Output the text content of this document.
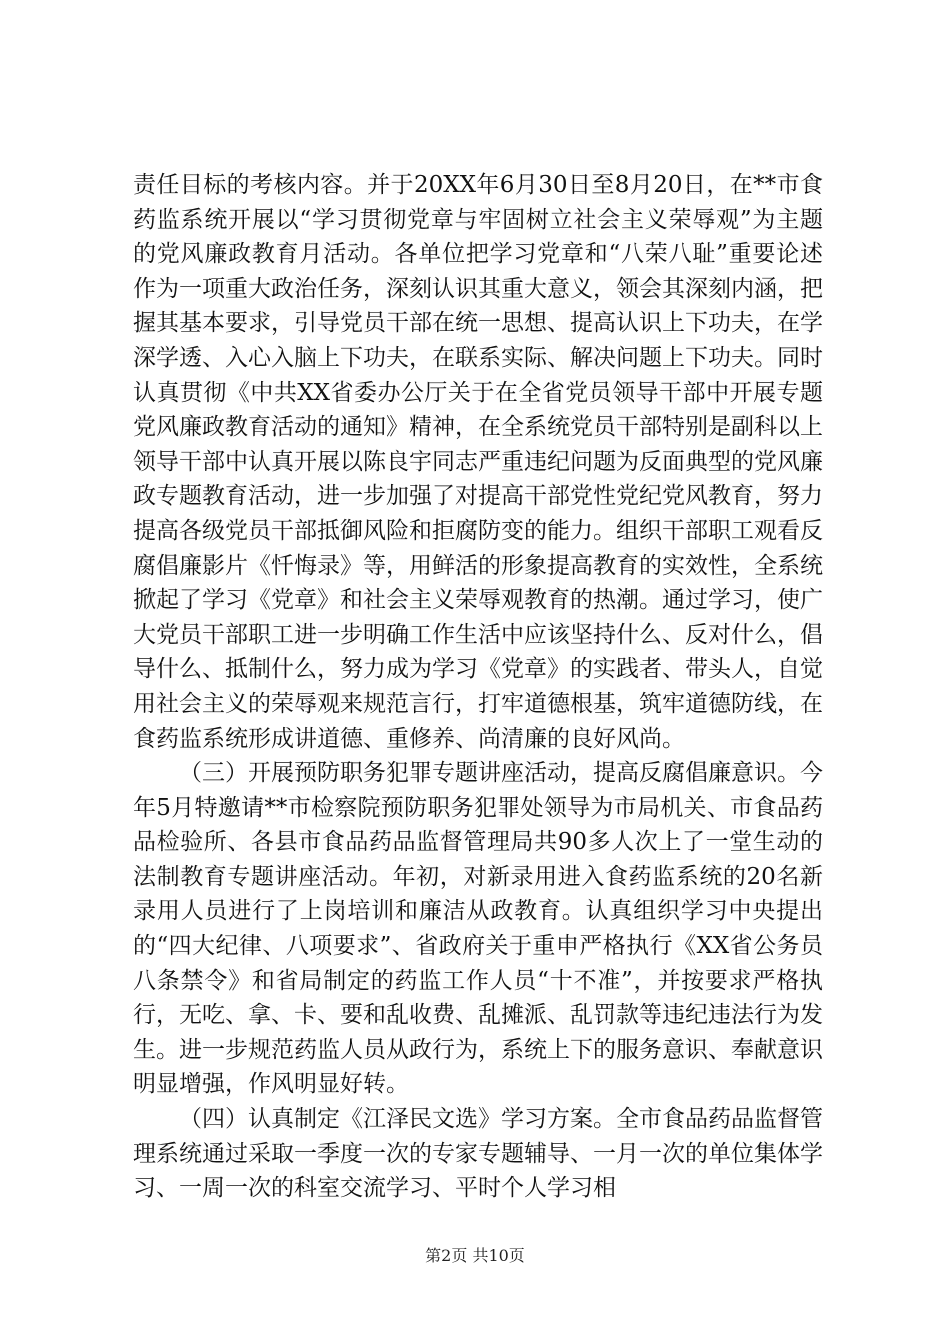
责任目标的考核内容。并于20XX年6月30日至8月20日，在**市食药监系统开展以“学习贯彻党章与牢固树立社会主义荣辱观”为主题的党风廉政教育月活动。各单位把学习党章和“八荣八耻”重要论述作为一项重大政治任务，深刻认识其重大意义，领会其深刻内涵，把握其基本要求，引导党员干部在统一思想、提高认识上下功夫，在学深学透、入心入脑上下功夫，在联系实际、解决问题上下功夫。同时认真贯彻《中共XX省委办公厅关于在全省党员领导干部中开展专题党风廉政教育活动的通知》精神，在全系统党员干部特别是副科以上领导干部中认真开展以陈良宇同志严重违纪问题为反面典型的党风廉政专题教育活动，进一步加强了对提高干部党性党纪党风教育，努力提高各级党员干部抵御风险和拒腐防变的能力。组织干部职工观看反腐倡廉影片《忏悔录》等，用鲜活的形象提高教育的实效性，全系统掀起了学习《党章》和社会主义荣辱观教育的热潮。通过学习，使广大党员干部职工进一步明确工作生活中应该坚持什么、反对什么，倡导什么、抵制什么，努力成为学习《党章》的实践者、带头人，自觉用社会主义的荣辱观来规范言行，打牢道德根基，筑牢道德防线，在食药监系统形成讲道德、重修养、尚清廉的良好风尚。

（三）开展预防职务犯罪专题讲座活动，提高反腐倡廉意识。今年5月特邀请**市检察院预防职务犯罪处领导为市局机关、市食品药品检验所、各县市食品药品监督管理局共90多人次上了一堂生动的法制教育专题讲座活动。年初，对新录用进入食药监系统的20名新录用人员进行了上岗培训和廉洁从政教育。认真组织学习中央提出的“四大纪律、八项要求”、省政府关于重申严格执行《XX省公务员八条禁令》和省局制定的药监工作人员“十不准”，并按要求严格执行，无吃、拿、卡、要和乱收费、乱摊派、乱罚款等违纪违法行为发生。进一步规范药监人员从政行为，系统上下的服务意识、奉献意识明显增强，作风明显好转。

（四）认真制定《江泽民文选》学习方案。全市食品药品监督管理系统通过采取一季度一次的专家专题辅导、一月一次的单位集体学习、一周一次的科室交流学习、平时个人学习相

第2页 共10页
